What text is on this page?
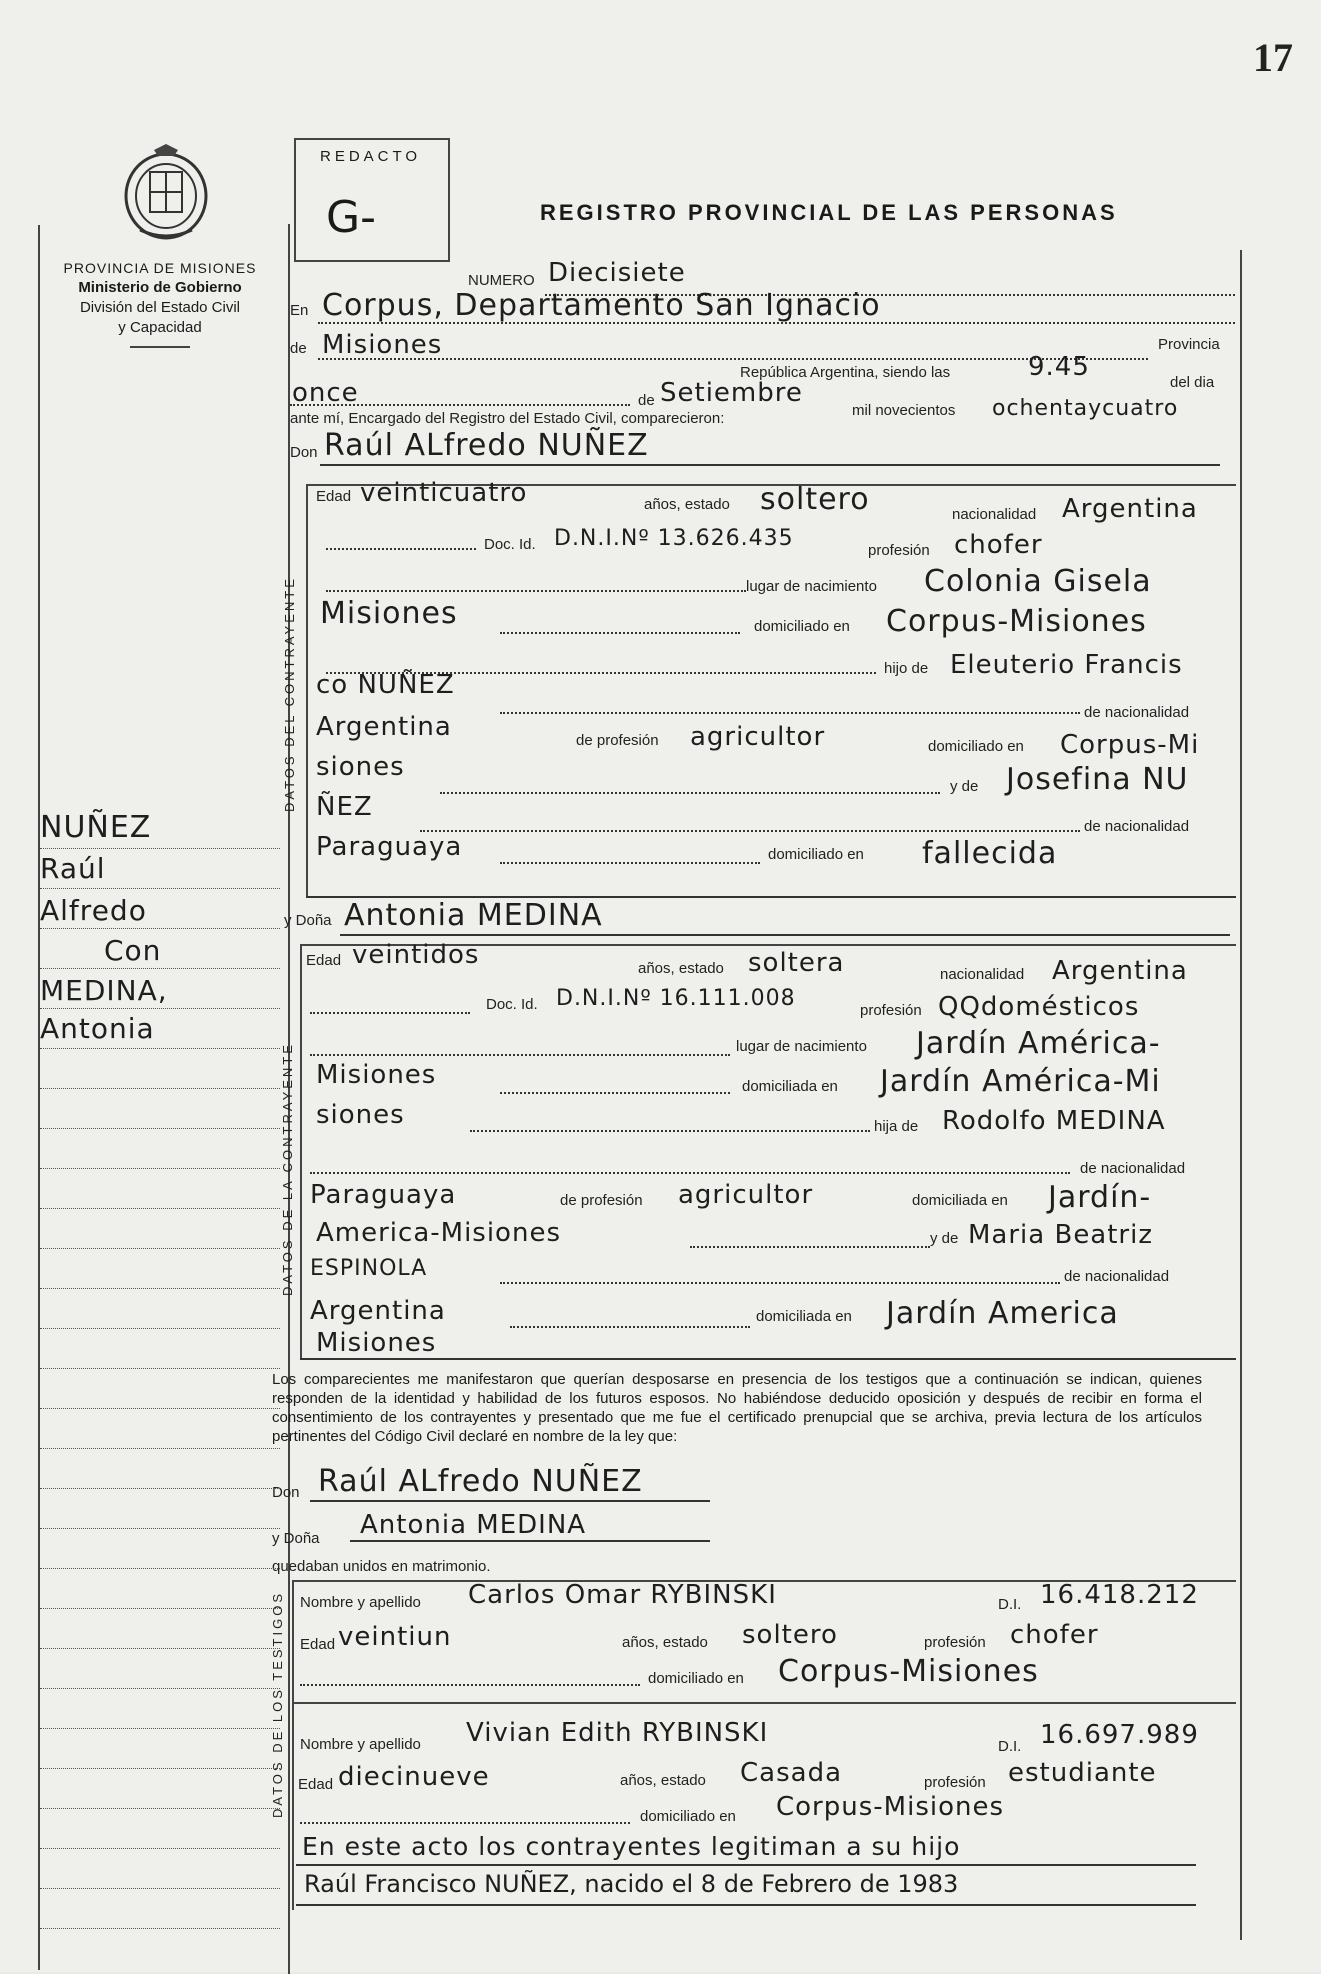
17
PROVINCIA DE MISIONES
Ministerio de Gobierno
División del Estado Civil
y Capacidad
REDACTO
G-	REGISTRO PROVINCIAL DE LAS PERSONAS
NUMERO Diecisiete
En Corpus, Departamento San Ignacio
de Misiones	Provincia
República Argentina, siendo las	9.45
del dia
once	de Setiembre
mil novecientos ochentaycuatro
ante mí, Encargado del Registro del Estado Civil, comparecieron:
Don Raúl ALfredo NUÑEZ
DATOS DEL CONTRAYENTE
Edad veinticuatro	años, estado soltero	nacionalidad Argentina
Doc. Id. D.N.I.Nº 13.626.435	profesión chofer
lugar de nacimiento Colonia Gisela
Misiones	domiciliado en Corpus-Misiones
hijo de Eleuterio Francis
co NUÑEZ
de nacionalidad
Argentina	de profesión agricultor	domiciliado en Corpus-Mi
siones
y de Josefina NU
ÑEZ
de nacionalidad
Paraguaya	domiciliado en fallecida
y Doña Antonia MEDINA
DATOS DE LA CONTRAYENTE
Edad veintidos	años, estado soltera	nacionalidad Argentina
Doc. Id. D.N.I.Nº 16.111.008	profesión QQdomésticos
lugar de nacimiento Jardín América-
Misiones	domiciliada en Jardín América-Mi
siones	hija de Rodolfo MEDINA
de nacionalidad
Paraguaya	de profesión agricultor	domiciliada en Jardín-
America-Misiones	y de Maria Beatriz
ESPINOLA	de nacionalidad
Argentina	domiciliada en Jardín America
Misiones
Los comparecientes me manifestaron que querían desposarse en presencia de los testigos que a continuación se indican, quienes responden de la identidad y habilidad de los futuros esposos. No habiéndose deducido oposición y después de recibir en forma el consentimiento de los contrayentes y presentado que me fue el certificado prenupcial que se archiva, previa lectura de los artículos pertinentes del Código Civil declaré en nombre de la ley que:
Don Raúl ALfredo NUÑEZ
y Doña Antonia MEDINA
quedaban unidos en matrimonio.
DATOS DE LOS TESTIGOS Nombre y apellido Carlos Omar RYBINSKI	D.I. 16.418.212
Edad veintiun	años, estado soltero	profesión chofer
domiciliado en Corpus-Misiones
Nombre y apellido Vivian Edith RYBINSKI	D.I. 16.697.989
Edad diecinueve	años, estado Casada	profesión estudiante
domiciliado en Corpus-Misiones
En este acto los contrayentes legitiman a su hijo
Raúl Francisco NUÑEZ, nacido el 8 de Febrero de 1983
NUÑEZ
Raúl
Alfredo
Con
MEDINA,
Antonia
